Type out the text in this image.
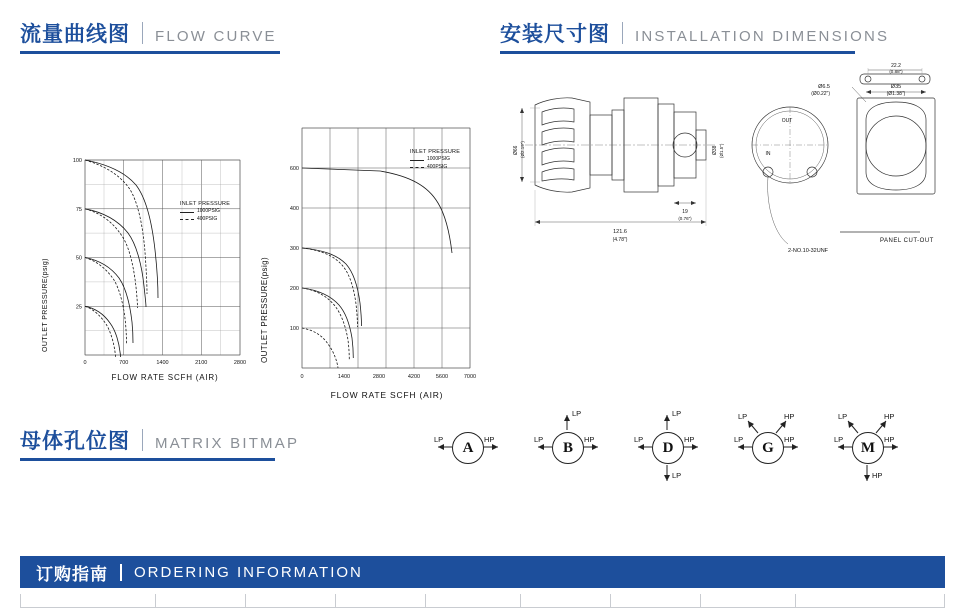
流量曲线图 FLOW CURVE	安装尺寸图 INSTALLATION DIMENSIONS
100
75
50
25
0	700	1400	2100	2800
OUTLET PRESSURE(psig)
FLOW RATE SCFH (AIR)
INLET PRESSURE
1000PSIG
400PSIG
600
400
300
200
100
0	1400	2800	4200	5600	7000
OUTLET PRESSURE(psig)
FLOW RATE SCFH (AIR)
INLET PRESSURE
1000PSIG
400PSIG
OUT
IN
2-NO.10-32UNF
Ø6.5
(Ø0.22")
22.2
(0.88")
Ø35
(Ø1.38")
121.6
(4.78")
19
(0.76")
PANEL CUT-OUT
Ø66 (Ø2.19")	Ø38 (Ø1.5")
母体孔位图 MATRIX BITMAP	A
LP	HP	B
LP
LP	HP	D
LP
LP	HP
LP
G
LP	HP
LP	HP	M
LP	HP
LP	HP
HP
订购指南 ORDERING INFORMATION
